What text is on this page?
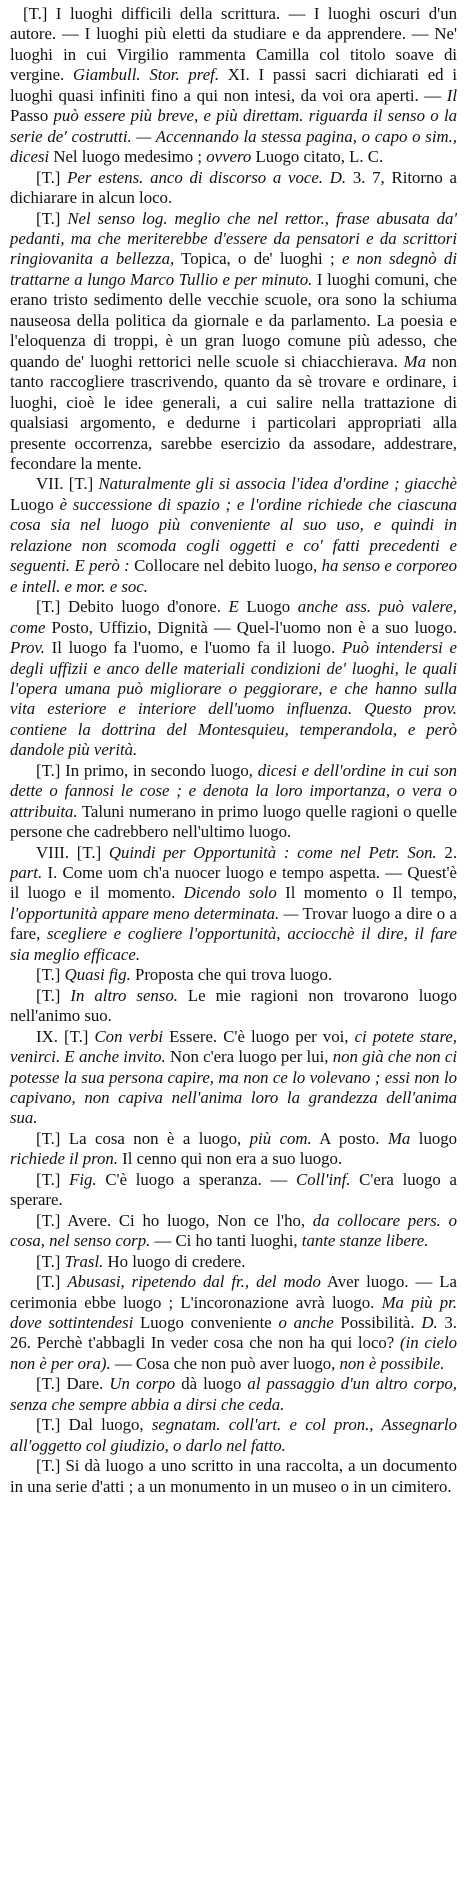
[T.] I luoghi difficili della scrittura. — I luoghi oscuri d'un autore. — I luoghi più eletti da studiare e da apprendere. — Ne' luoghi in cui Virgilio rammenta Camilla col titolo soave di vergine. Giambull. Stor. pref. XI. I passi sacri dichiarati ed i luoghi quasi infiniti fino a qui non intesi, da voi ora aperti. — Il Passo può essere più breve, e più direttam. riguarda il senso o la serie de' costrutti. — Accennando la stessa pagina, o capo o sim., dicesi Nel luogo medesimo ; ovvero Luogo citato, L. C.

[T.] Per estens. anco di discorso a voce. D. 3. 7, Ritorno a dichiarare in alcun loco.

[T.] Nel senso log. meglio che nel rettor., frase abusata da' pedanti, ma che meriterebbe d'essere da pensatori e da scrittori ringiovanita a bellezza, Topica, o de' luoghi ; e non sdegnò di trattarne a lungo Marco Tullio e per minuto. I luoghi comuni, che erano tristo sedimento delle vecchie scuole, ora sono la schiuma nauseosa della politica da giornale e da parlamento. La poesia e l'eloquenza di troppi, è un gran luogo comune più adesso, che quando de' luoghi rettorici nelle scuole si chiacchierava. Ma non tanto raccogliere trascrivendo, quanto da sè trovare e ordinare, i luoghi, cioè le idee generali, a cui salire nella trattazione di qualsiasi argomento, e dedurne i particolari appropriati alla presente occorrenza, sarebbe esercizio da assodare, addestrare, fecondare la mente.

VII. [T.] Naturalmente gli si associa l'idea d'ordine ; giacchè Luogo è successione di spazio ; e l'ordine richiede che ciascuna cosa sia nel luogo più conveniente al suo uso, e quindi in relazione non scomoda cogli oggetti e co' fatti precedenti e seguenti. E però : Collocare nel debito luogo, ha senso e corporeo e intell. e mor. e soc.

[T.] Debito luogo d'onore. E Luogo anche ass. può valere, come Posto, Uffizio, Dignità — Quel-l'uomo non è a suo luogo. Prov. Il luogo fa l'uomo, e l'uomo fa il luogo. Può intendersi e degli uffizii e anco delle materiali condizioni de' luoghi, le quali l'opera umana può migliorare o peggiorare, e che hanno sulla vita esteriore e interiore dell'uomo influenza. Questo prov. contiene la dottrina del Montesquieu, temperandola, e però dandole più verità.

[T.] In primo, in secondo luogo, dicesi e dell'ordine in cui son dette o fannosi le cose ; e denota la loro importanza, o vera o attribuita. Taluni numerano in primo luogo quelle ragioni o quelle persone che cadrebbero nell'ultimo luogo.

VIII. [T.] Quindi per Opportunità : come nel Petr. Son. 2. part. I. Come uom ch'a nuocer luogo e tempo aspetta. — Quest'è il luogo e il momento. Dicendo solo Il momento o Il tempo, l'opportunità appare meno determinata. — Trovar luogo a dire o a fare, scegliere e cogliere l'opportunità, acciocchè il dire, il fare sia meglio efficace.

[T.] Quasi fig. Proposta che qui trova luogo.

[T.] In altro senso. Le mie ragioni non trovarono luogo nell'animo suo.

IX. [T.] Con verbi Essere. C'è luogo per voi, ci potete stare, venirci. E anche invito. Non c'era luogo per lui, non già che non ci potesse la sua persona capire, ma non ce lo volevano ; essi non lo capivano, non capiva nell'anima loro la grandezza dell'anima sua.

[T.] La cosa non è a luogo, più com. A posto. Ma luogo richiede il pron. Il cenno qui non era a suo luogo.

[T.] Fig. C'è luogo a speranza. — Coll'inf. C'era luogo a sperare.

[T.] Avere. Ci ho luogo, Non ce l'ho, da collocare pers. o cosa, nel senso corp. — Ci ho tanti luoghi, tante stanze libere.

[T.] Trasl. Ho luogo di credere.

[T.] Abusasi, ripetendo dal fr., del modo Aver luogo. — La cerimonia ebbe luogo ; L'incoronazione avrà luogo. Ma più pr. dove sottintendesi Luogo conveniente o anche Possibilità. D. 3. 26. Perchè t'abbagli In veder cosa che non ha qui loco? (in cielo non è per ora). — Cosa che non può aver luogo, non è possibile.

[T.] Dare. Un corpo dà luogo al passaggio d'un altro corpo, senza che sempre abbia a dirsi che ceda.

[T.] Dal luogo, segnatam. coll'art. e col pron., Assegnarlo all'oggetto col giudizio, o darlo nel fatto.

[T.] Si dà luogo a uno scritto in una raccolta, a un documento in una serie d'atti ; a un monumento in un museo o in un cimitero.
